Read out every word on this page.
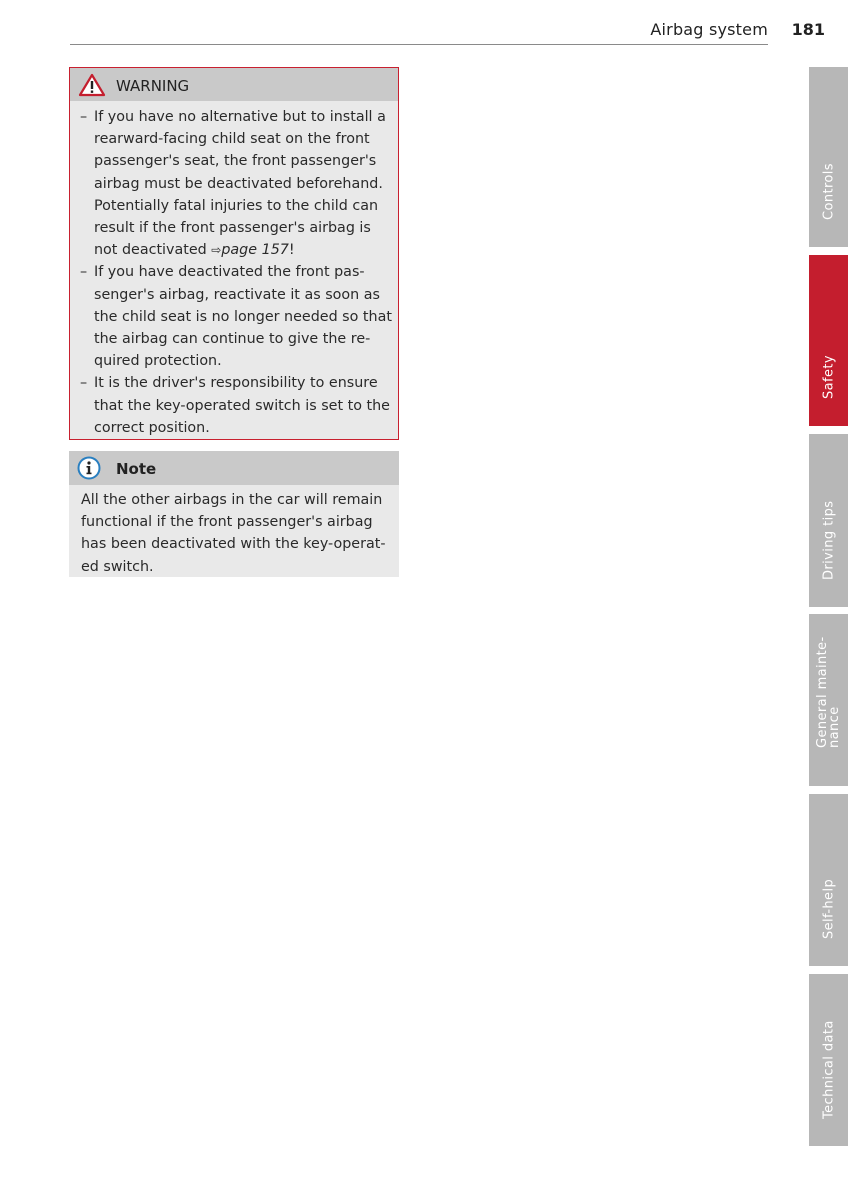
Airbag system 181
WARNING
– If you have no alternative but to install a
rearward-facing child seat on the front
passenger's seat, the front passenger's
airbag must be deactivated beforehand.
Potentially fatal injuries to the child can
result if the front passenger's airbag is
not deactivated ⇨page 157!
– If you have deactivated the front pas-
senger's airbag, reactivate it as soon as
the child seat is no longer needed so that
the airbag can continue to give the re-
quired protection.
– It is the driver's responsibility to ensure
that the key-operated switch is set to the
correct position.
Note
All the other airbags in the car will remain
functional if the front passenger's airbag
has been deactivated with the key-operat-
ed switch.
Controls
Safety
Driving tips
General mainte-
nance
Self-help
Technical data
